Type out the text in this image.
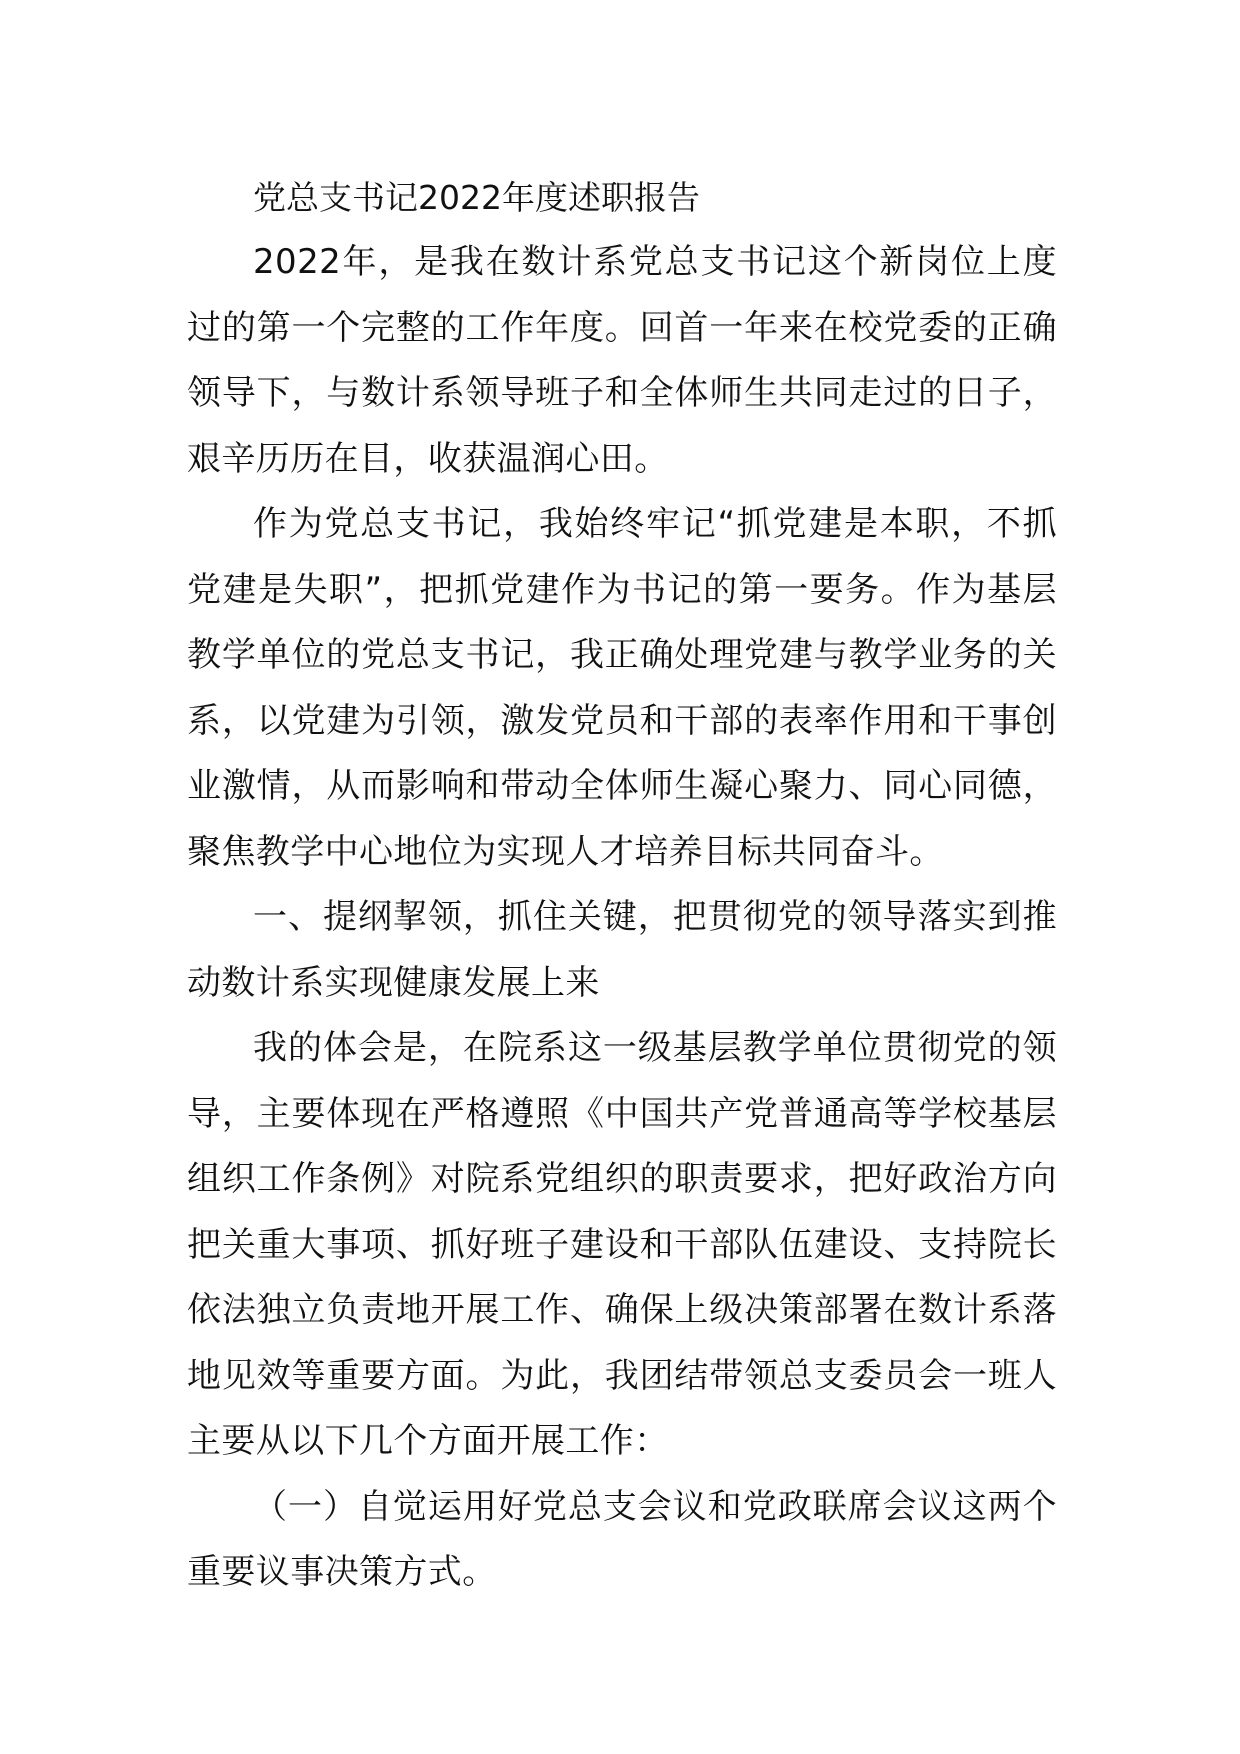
党总支书记2022年度述职报告

2022年，是我在数计系党总支书记这个新岗位上度过的第一个完整的工作年度。回首一年来在校党委的正确领导下，与数计系领导班子和全体师生共同走过的日子，艰辛历历在目，收获温润心田。

作为党总支书记，我始终牢记“抓党建是本职，不抓党建是失职”，把抓党建作为书记的第一要务。作为基层教学单位的党总支书记，我正确处理党建与教学业务的关系，以党建为引领，激发党员和干部的表率作用和干事创业激情，从而影响和带动全体师生凝心聚力、同心同德，聚焦教学中心地位为实现人才培养目标共同奋斗。

一、提纲挈领，抓住关键，把贯彻党的领导落实到推动数计系实现健康发展上来

我的体会是，在院系这一级基层教学单位贯彻党的领导，主要体现在严格遵照《中国共产党普通高等学校基层组织工作条例》对院系党组织的职责要求，把好政治方向把关重大事项、抓好班子建设和干部队伍建设、支持院长依法独立负责地开展工作、确保上级决策部署在数计系落地见效等重要方面。为此，我团结带领总支委员会一班人主要从以下几个方面开展工作：

（一）自觉运用好党总支会议和党政联席会议这两个重要议事决策方式。
